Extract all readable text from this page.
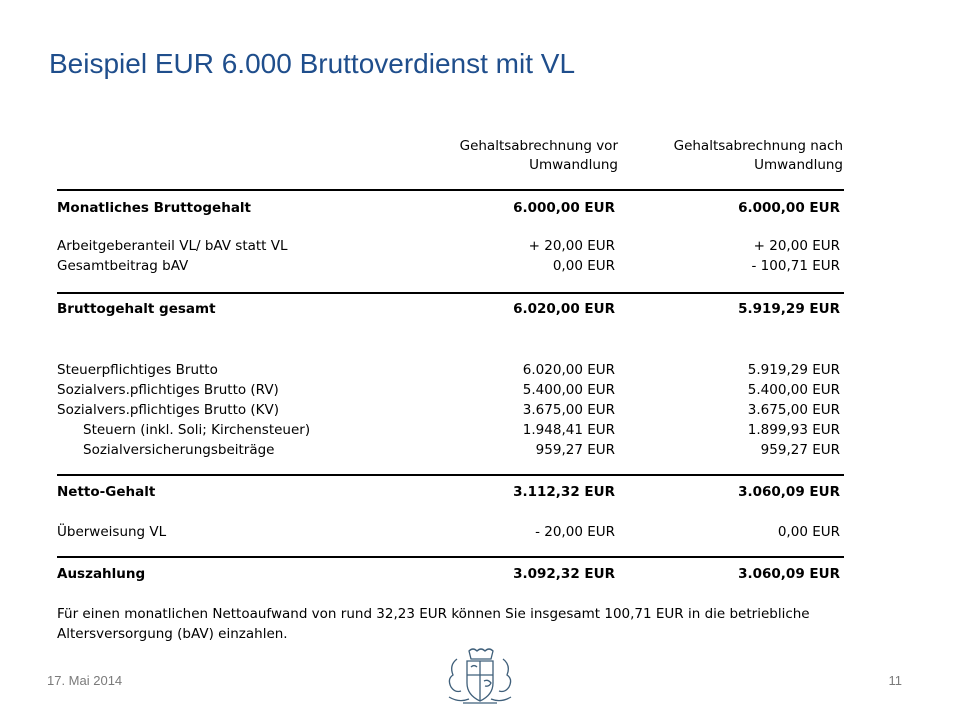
Beispiel EUR 6.000 Bruttoverdienst mit VL
Gehaltsabrechnung vor
Umwandlung
Gehaltsabrechnung nach
Umwandlung
Monatliches Bruttogehalt	6.000,00 EUR	6.000,00 EUR
Arbeitgeberanteil VL/ bAV statt VL	+ 20,00 EUR	+ 20,00 EUR
Gesamtbeitrag bAV	0,00 EUR	- 100,71 EUR
Bruttogehalt gesamt	6.020,00 EUR	5.919,29 EUR
Steuerpflichtiges Brutto	6.020,00 EUR	5.919,29 EUR
Sozialvers.pflichtiges Brutto (RV)	5.400,00 EUR	5.400,00 EUR
Sozialvers.pflichtiges Brutto (KV)	3.675,00 EUR	3.675,00 EUR
Steuern (inkl. Soli; Kirchensteuer)	1.948,41 EUR	1.899,93 EUR
Sozialversicherungsbeiträge	959,27 EUR	959,27 EUR
Netto-Gehalt	3.112,32 EUR	3.060,09 EUR
Überweisung VL	- 20,00 EUR	0,00 EUR
Auszahlung	3.092,32 EUR	3.060,09 EUR
Für einen monatlichen Nettoaufwand von rund 32,23 EUR können Sie insgesamt 100,71 EUR in die betriebliche
Altersversorgung (bAV) einzahlen.
17. Mai 2014	11
